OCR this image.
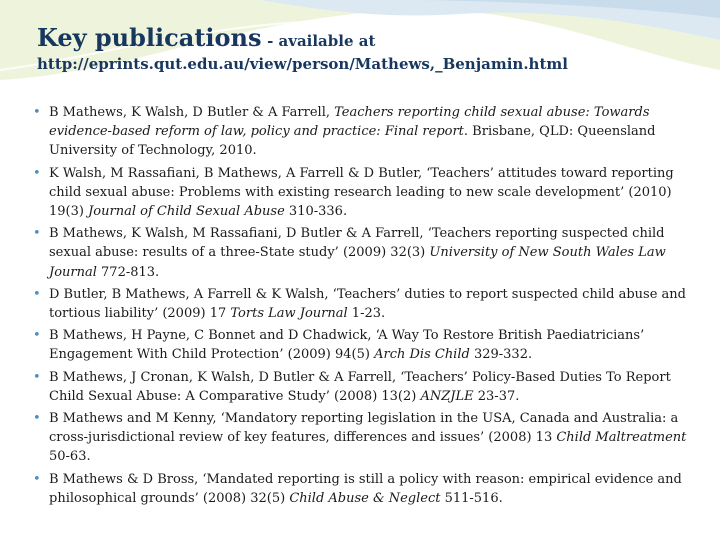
Key publications - available at
http://eprints.qut.edu.au/view/person/Mathews,_Benjamin.html
• B Mathews, K Walsh, D Butler & A Farrell, Teachers reporting child sexual abuse: Towards evidence-based reform of law, policy and practice: Final report. Brisbane, QLD: Queensland University of Technology, 2010.
• K Walsh, M Rassafiani, B Mathews, A Farrell & D Butler, ‘Teachers’ attitudes toward reporting child sexual abuse: Problems with existing research leading to new scale development’ (2010) 19(3) Journal of Child Sexual Abuse 310-336.
• B Mathews, K Walsh, M Rassafiani, D Butler & A Farrell, ‘Teachers reporting suspected child sexual abuse: results of a three-State study’ (2009) 32(3) University of New South Wales Law Journal 772-813.
• D Butler, B Mathews, A Farrell & K Walsh, ‘Teachers’ duties to report suspected child abuse and tortious liability’ (2009) 17 Torts Law Journal 1-23.
• B Mathews, H Payne, C Bonnet and D Chadwick, ‘A Way To Restore British Paediatricians’ Engagement With Child Protection’ (2009) 94(5) Arch Dis Child 329-332.
• B Mathews, J Cronan, K Walsh, D Butler & A Farrell, ‘Teachers’ Policy-Based Duties To Report Child Sexual Abuse: A Comparative Study’ (2008) 13(2) ANZJLE 23-37.
• B Mathews and M Kenny, ‘Mandatory reporting legislation in the USA, Canada and Australia: a cross-jurisdictional review of key features, differences and issues’ (2008) 13 Child Maltreatment 50-63.
• B Mathews & D Bross, ‘Mandated reporting is still a policy with reason: empirical evidence and philosophical grounds’ (2008) 32(5) Child Abuse & Neglect 511-516.
